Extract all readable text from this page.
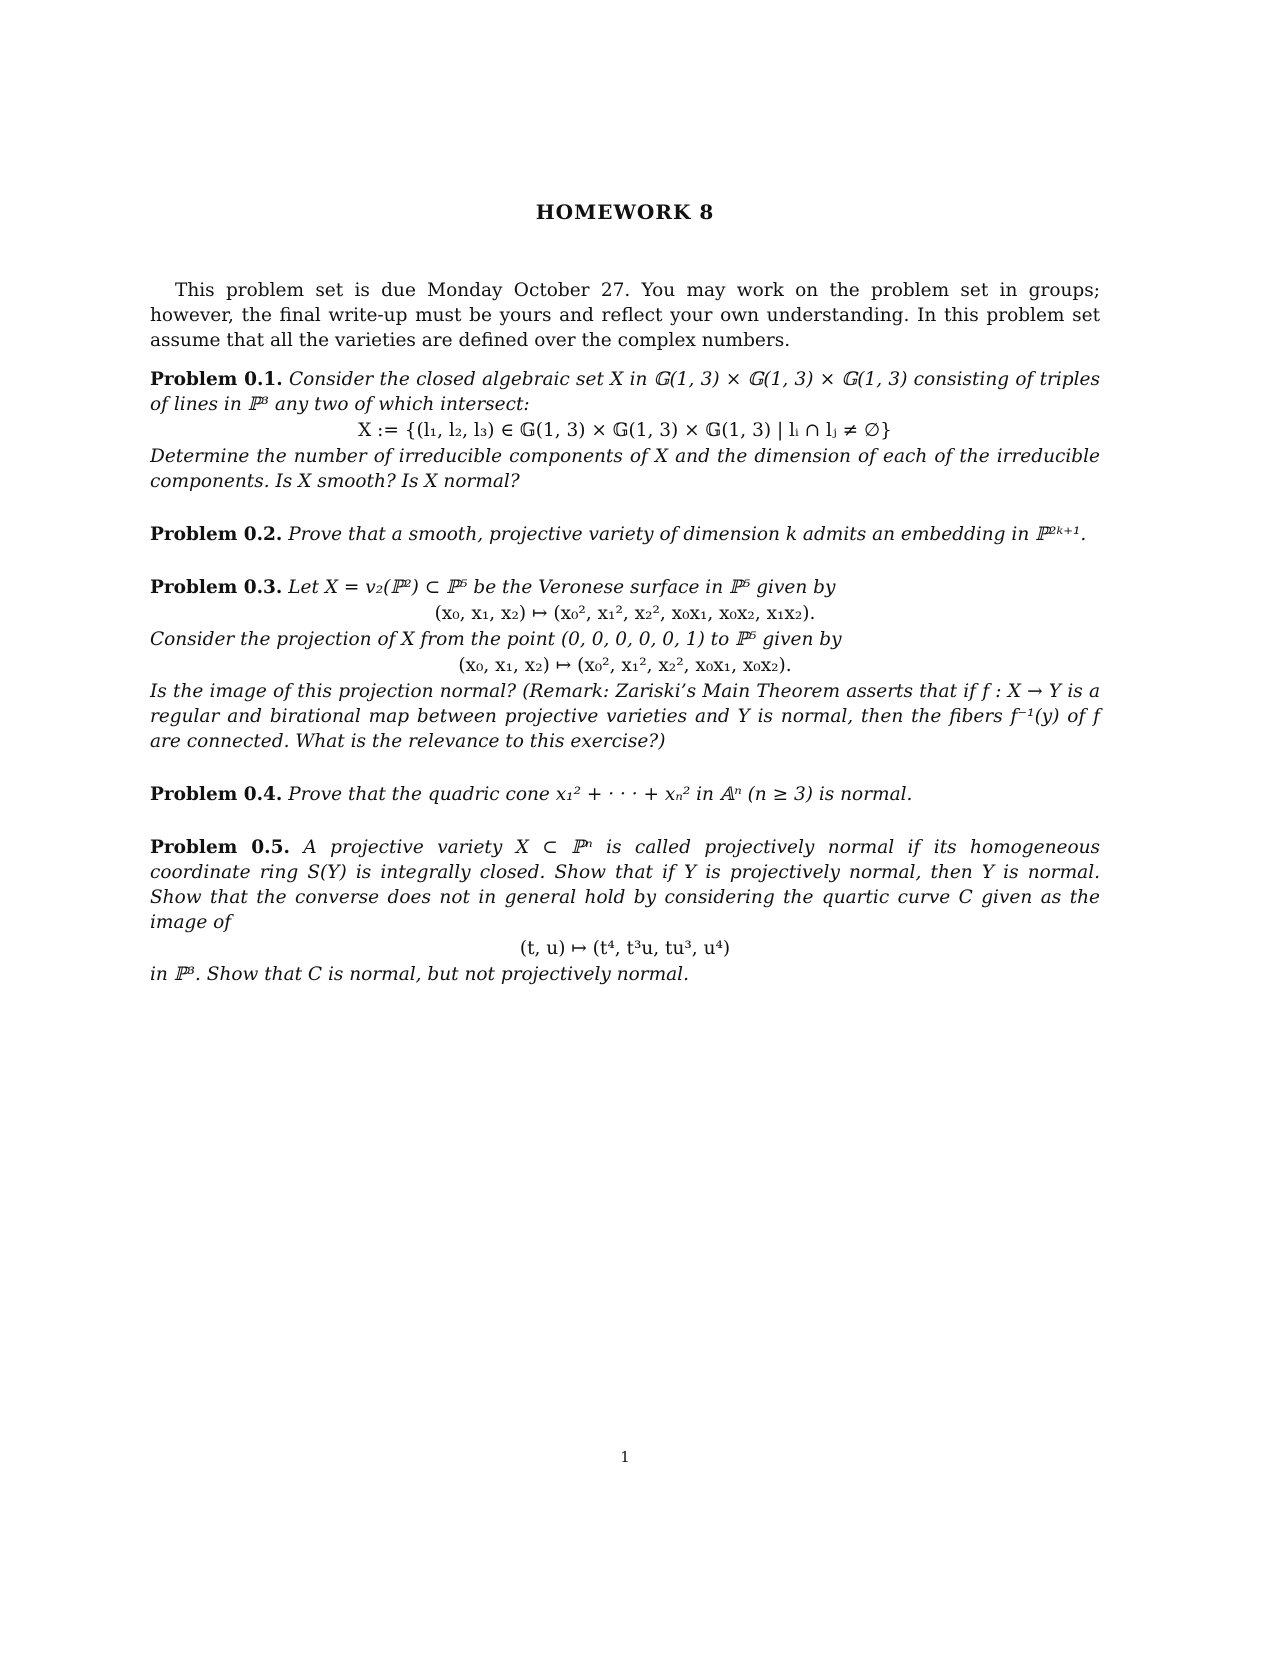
HOMEWORK 8

This problem set is due Monday October 27. You may work on the problem set in groups; however, the final write-up must be yours and reflect your own understanding. In this problem set assume that all the varieties are defined over the complex numbers.

Problem 0.1. Consider the closed algebraic set X in 𝔾(1, 3) × 𝔾(1, 3) × 𝔾(1, 3) consisting of triples of lines in ℙ³ any two of which intersect:

X := {(l₁, l₂, l₃) ∈ 𝔾(1, 3) × 𝔾(1, 3) × 𝔾(1, 3) | lᵢ ∩ lⱼ ≠ ∅}

Determine the number of irreducible components of X and the dimension of each of the irreducible components. Is X smooth? Is X normal?

Problem 0.2. Prove that a smooth, projective variety of dimension k admits an embedding in ℙ²ᵏ⁺¹.

Problem 0.3. Let X = v₂(ℙ²) ⊂ ℙ⁵ be the Veronese surface in ℙ⁵ given by

(x₀, x₁, x₂) ↦ (x₀², x₁², x₂², x₀x₁, x₀x₂, x₁x₂).

Consider the projection of X from the point (0, 0, 0, 0, 0, 1) to ℙ⁵ given by

(x₀, x₁, x₂) ↦ (x₀², x₁², x₂², x₀x₁, x₀x₂).

Is the image of this projection normal? (Remark: Zariski’s Main Theorem asserts that if f : X → Y is a regular and birational map between projective varieties and Y is normal, then the fibers f⁻¹(y) of f are connected. What is the relevance to this exercise?)

Problem 0.4. Prove that the quadric cone x₁² + · · · + xₙ² in 𝔸ⁿ (n ≥ 3) is normal.

Problem 0.5. A projective variety X ⊂ ℙⁿ is called projectively normal if its homogeneous coordinate ring S(Y) is integrally closed. Show that if Y is projectively normal, then Y is normal. Show that the converse does not in general hold by considering the quartic curve C given as the image of

(t, u) ↦ (t⁴, t³u, tu³, u⁴)

in ℙ³. Show that C is normal, but not projectively normal.

1
